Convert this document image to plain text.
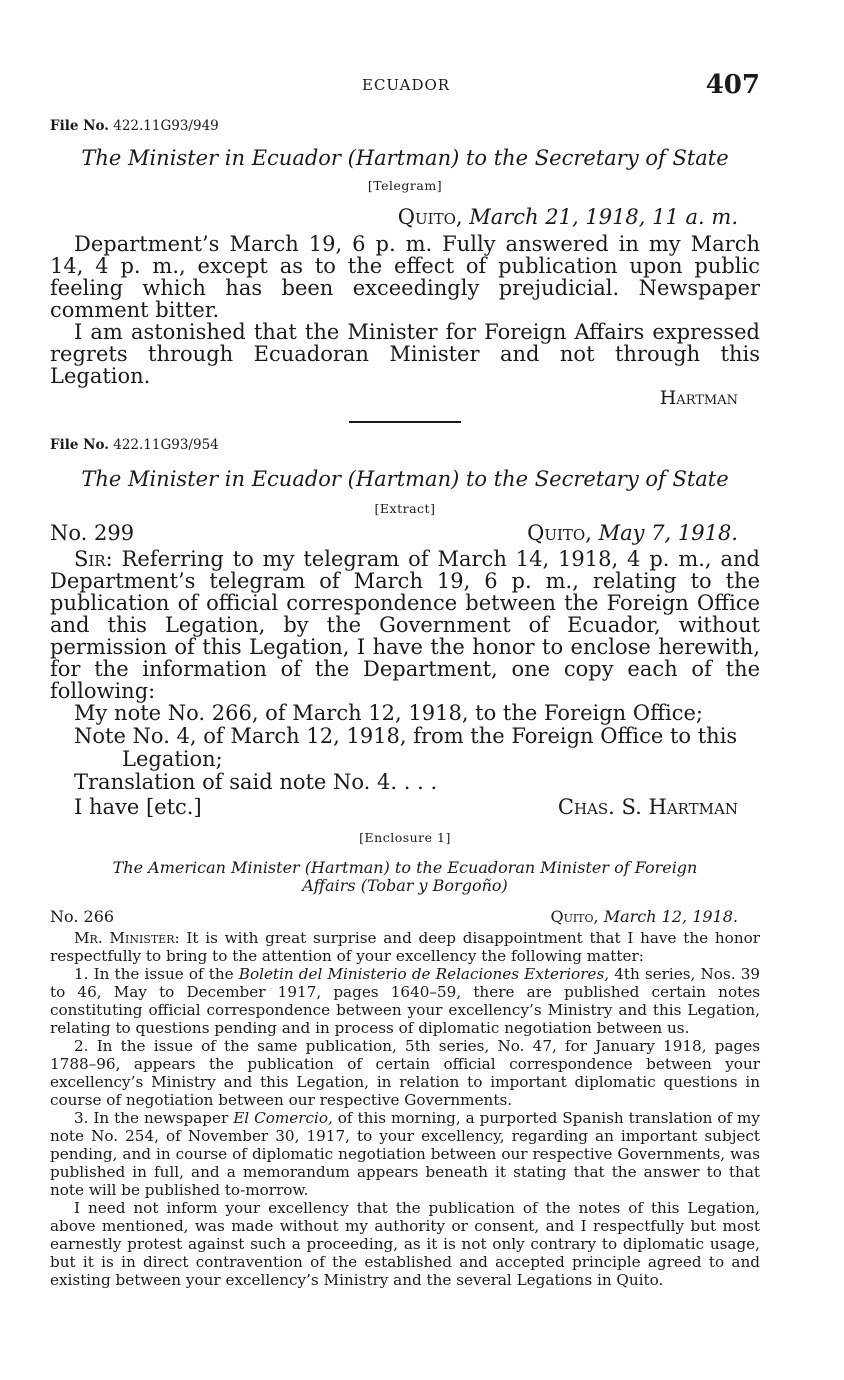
ECUADOR	407
File No. 422.11G93/949
The Minister in Ecuador (Hartman) to the Secretary of State
[Telegram]
Quito, March 21, 1918, 11 a. m.

Department’s March 19, 6 p. m. Fully answered in my March 14, 4 p. m., except as to the effect of publication upon public feeling which has been exceedingly prejudicial. Newspaper comment bitter.

I am astonished that the Minister for Foreign Affairs expressed regrets through Ecuadoran Minister and not through this Legation.

Hartman
File No. 422.11G93/954
The Minister in Ecuador (Hartman) to the Secretary of State
[Extract]
No. 299	Quito, May 7, 1918.

Sir: Referring to my telegram of March 14, 1918, 4 p. m., and Department’s telegram of March 19, 6 p. m., relating to the publication of official correspondence between the Foreign Office and this Legation, by the Government of Ecuador, without permission of this Legation, I have the honor to enclose herewith, for the information of the Department, one copy each of the following:

My note No. 266, of March 12, 1918, to the Foreign Office;
Note No. 4, of March 12, 1918, from the Foreign Office to this
Legation;
Translation of said note No. 4. . . .
I have [etc.]	Chas. S. Hartman
[Enclosure 1]
The American Minister (Hartman) to the Ecuadoran Minister of Foreign
Affairs (Tobar y Borgoño)
No. 266	Quito, March 12, 1918.

Mr. Minister: It is with great surprise and deep disappointment that I have the honor respectfully to bring to the attention of your excellency the following matter:

1. In the issue of the Boletin del Ministerio de Relaciones Exteriores, 4th series, Nos. 39 to 46, May to December 1917, pages 1640–59, there are published certain notes constituting official correspondence between your excellency’s Ministry and this Legation, relating to questions pending and in process of diplomatic negotiation between us.

2. In the issue of the same publication, 5th series, No. 47, for January 1918, pages 1788–96, appears the publication of certain official correspondence between your excellency’s Ministry and this Legation, in relation to important diplomatic questions in course of negotiation between our respective Governments.

3. In the newspaper El Comercio, of this morning, a purported Spanish translation of my note No. 254, of November 30, 1917, to your excellency, regarding an important subject pending, and in course of diplomatic negotiation between our respective Governments, was published in full, and a memorandum appears beneath it stating that the answer to that note will be published to-morrow.

I need not inform your excellency that the publication of the notes of this Legation, above mentioned, was made without my authority or consent, and I respectfully but most earnestly protest against such a proceeding, as it is not only contrary to diplomatic usage, but it is in direct contravention of the established and accepted principle agreed to and existing between your excellency’s Ministry and the several Legations in Quito.
